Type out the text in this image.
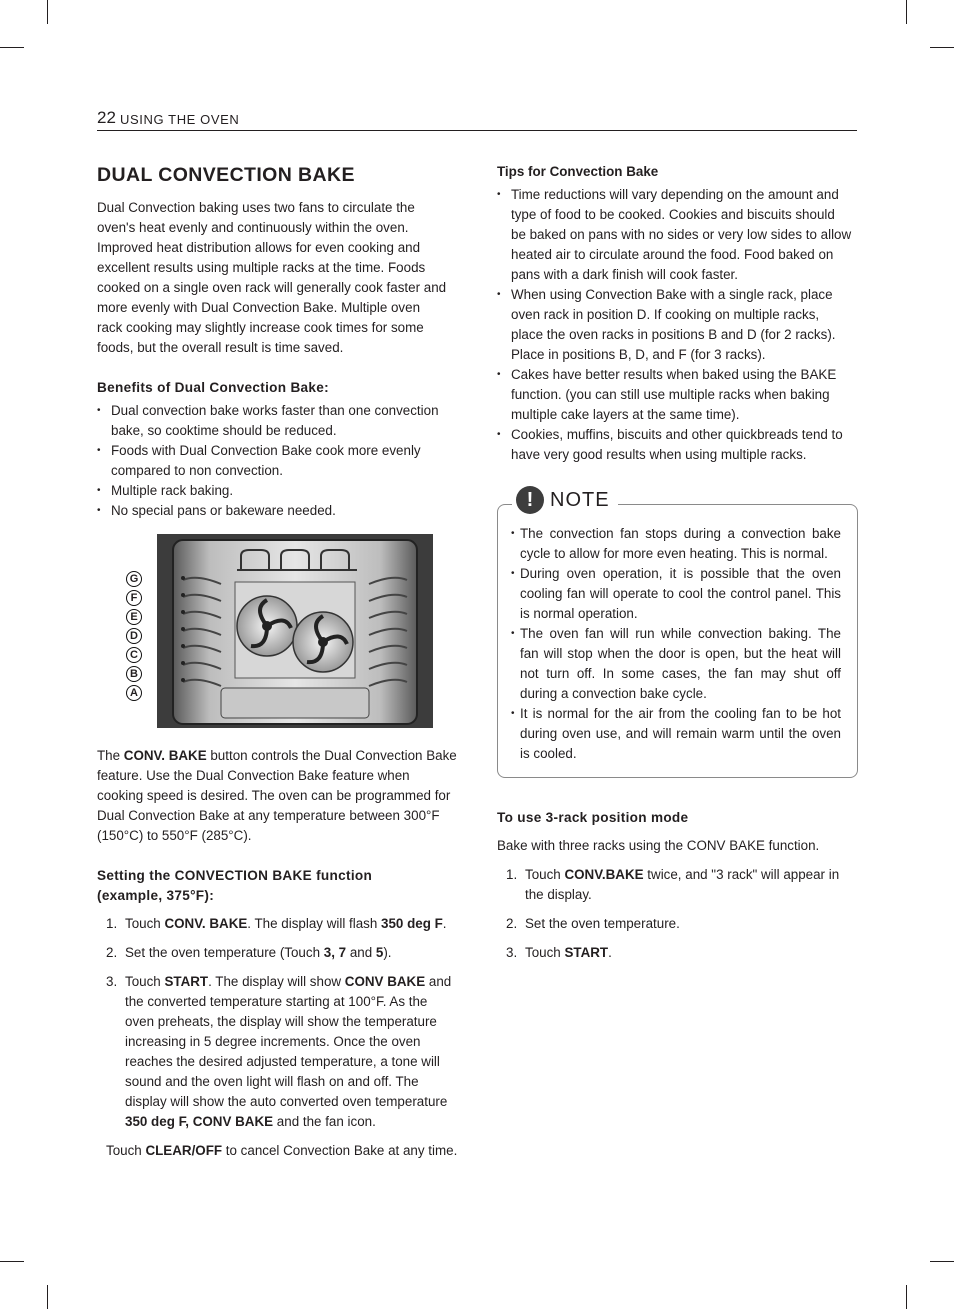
22 USING THE OVEN
DUAL CONVECTION BAKE

Dual Convection baking uses two fans to circulate the oven's heat evenly and continuously within the oven. Improved heat distribution allows for even cooking and excellent results using multiple racks at the time. Foods cooked on a single oven rack will generally cook faster and more evenly with Dual Convection Bake. Multiple oven rack cooking may slightly increase cook times for some foods, but the overall result is time saved.

Benefits of Dual Convection Bake:
• Dual convection bake works faster than one convection bake, so cooktime should be reduced.
• Foods with Dual Convection Bake cook more evenly compared to non convection.
• Multiple rack baking.
• No special pans or bakeware needed.
G
F
E
D
C
B
A

The CONV. BAKE button controls the Dual Convection Bake feature. Use the Dual Convection Bake feature when cooking speed is desired. The oven can be programmed for Dual Convection Bake at any temperature between 300°F (150°C) to 550°F (285°C).

Setting the CONVECTION BAKE function
(example, 375°F):
1. Touch CONV. BAKE. The display will flash 350 deg F.
2. Set the oven temperature (Touch 3, 7 and 5).
3. Touch START. The display will show CONV BAKE and the converted temperature starting at 100°F. As the oven preheats, the display will show the temperature increasing in 5 degree increments. Once the oven reaches the desired adjusted temperature, a tone will sound and the oven light will flash on and off. The display will show the auto converted oven temperature 350 deg F, CONV BAKE and the fan icon.

Touch CLEAR/OFF to cancel Convection Bake at any time.

Tips for Convection Bake
• Time reductions will vary depending on the amount and type of food to be cooked. Cookies and biscuits should be baked on pans with no sides or very low sides to allow heated air to circulate around the food. Food baked on pans with a dark finish will cook faster.
• When using Convection Bake with a single rack, place oven rack in position D. If cooking on multiple racks, place the oven racks in positions B and D (for 2 racks). Place in positions B, D, and F (for 3 racks).
• Cakes have better results when baked using the BAKE function. (you can still use multiple racks when baking multiple cake layers at the same time).
• Cookies, muffins, biscuits and other quickbreads tend to have very good results when using multiple racks.
! NOTE
• The convection fan stops during a convection bake cycle to allow for more even heating. This is normal.
• During oven operation, it is possible that the oven cooling fan will operate to cool the control panel. This is normal operation.
• The oven fan will run while convection baking. The fan will stop when the door is open, but the heat will not turn off. In some cases, the fan may shut off during a convection bake cycle.
• It is normal for the air from the cooling fan to be hot during oven use, and will remain warm until the oven is cooled.
To use 3-rack position mode

Bake with three racks using the CONV BAKE function.

1. Touch CONV.BAKE twice, and "3 rack" will appear in the display.
2. Set the oven temperature.
3. Touch START.
